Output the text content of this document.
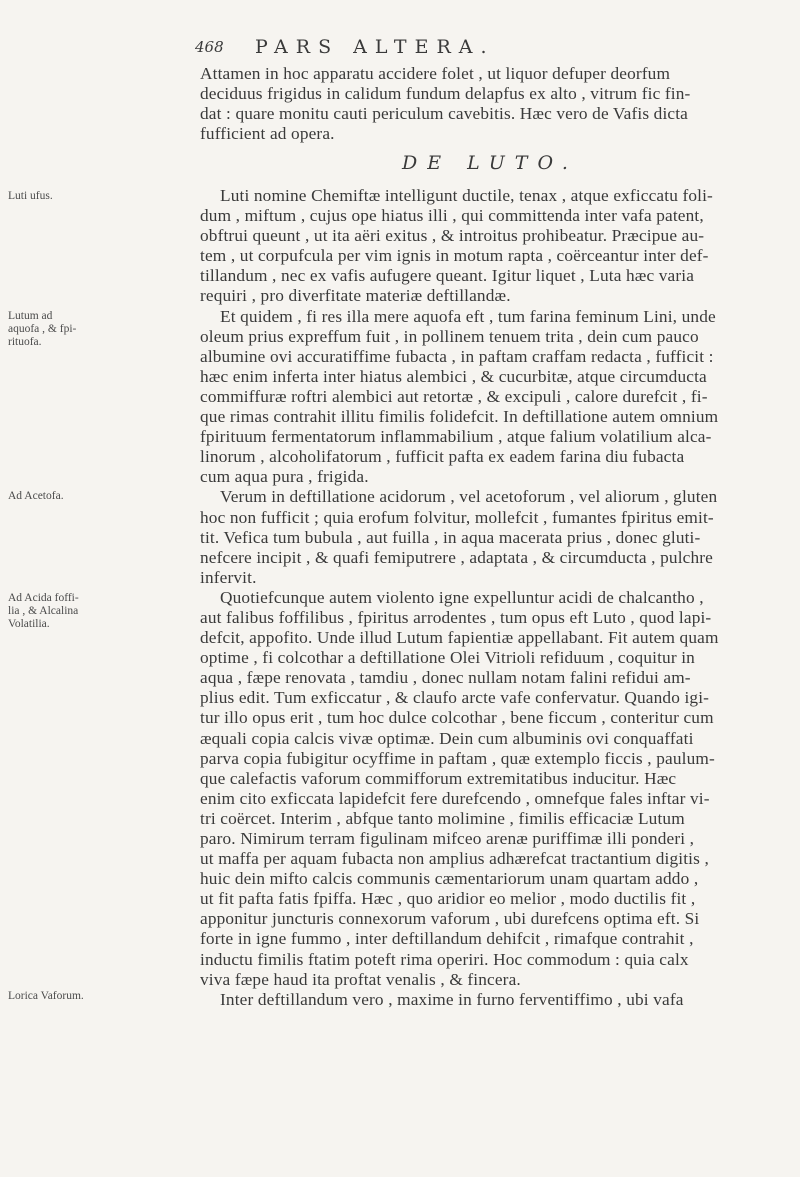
468 PARS ALTERA.
Attamen in hoc apparatu accidere folet , ut liquor defuper deorfum
deciduus frigidus in calidum fundum delapfus ex alto , vitrum fic fin-
dat : quare monitu cauti periculum cavebitis. Hæc vero de Vafis dicta
fufficient ad opera.
DE LUTO.
Luti nomine Chemiftæ intelligunt ductile, tenax , atque exficcatu foli-
dum , miftum , cujus ope hiatus illi , qui committenda inter vafa patent,
obftrui queunt , ut ita aëri exitus , & introitus prohibeatur. Præcipue au-
tem , ut corpufcula per vim ignis in motum rapta , coërceantur inter def-
tillandum , nec ex vafis aufugere queant. Igitur liquet , Luta hæc varia
requiri , pro diverfitate materiæ deftillandæ.
Et quidem , fi res illa mere aquofa eft , tum farina feminum Lini, unde
oleum prius expreffum fuit , in pollinem tenuem trita , dein cum pauco
albumine ovi accuratiffime fubacta , in paftam craffam redacta , fufficit :
hæc enim inferta inter hiatus alembici , & cucurbitæ, atque circumducta
commiffuræ roftri alembici aut retortæ , & excipuli , calore durefcit , fi-
que rimas contrahit illitu fimilis folidefcit. In deftillatione autem omnium
fpirituum fermentatorum inflammabilium , atque falium volatilium alca-
linorum , alcoholifatorum , fufficit pafta ex eadem farina diu fubacta
cum aqua pura , frigida.
Verum in deftillatione acidorum , vel acetoforum , vel aliorum , gluten
hoc non fufficit ; quia erofum folvitur, mollefcit , fumantes fpiritus emit-
tit. Vefica tum bubula , aut fuilla , in aqua macerata prius , donec gluti-
nefcere incipit , & quafi femiputrere , adaptata , & circumducta , pulchre
infervit.
Quotiefcunque autem violento igne expelluntur acidi de chalcantho ,
aut falibus foffilibus , fpiritus arrodentes , tum opus eft Luto , quod lapi-
defcit, appofito. Unde illud Lutum fapientiæ appellabant. Fit autem quam
optime , fi colcothar a deftillatione Olei Vitrioli refiduum , coquitur in
aqua , fæpe renovata , tamdiu , donec nullam notam falini refidui am-
plius edit. Tum exficcatur , & claufo arcte vafe confervatur. Quando igi-
tur illo opus erit , tum hoc dulce colcothar , bene ficcum , conteritur cum
æquali copia calcis vivæ optimæ. Dein cum albuminis ovi conquaffati
parva copia fubigitur ocyffime in paftam , quæ extemplo ficcis , paulum-
que calefactis vaforum commifforum extremitatibus inducitur. Hæc
enim cito exficcata lapidefcit fere durefcendo , omnefque fales inftar vi-
tri coërcet. Interim , abfque tanto molimine , fimilis efficaciæ Lutum
paro. Nimirum terram figulinam mifceo arenæ puriffimæ illi ponderi ,
ut maffa per aquam fubacta non amplius adhærefcat tractantium digitis ,
huic dein mifto calcis communis cæmentariorum unam quartam addo ,
ut fit pafta fatis fpiffa. Hæc , quo aridior eo melior , modo ductilis fit ,
apponitur juncturis connexorum vaforum , ubi durefcens optima eft. Si
forte in igne fummo , inter deftillandum dehifcit , rimafque contrahit ,
inductu fimilis ftatim poteft rima operiri. Hoc commodum : quia calx
viva fæpe haud ita proftat venalis , & fincera.
Inter deftillandum vero , maxime in furno ferventiffimo , ubi vafa
Luti ufus.
Lutum ad
aquofa , & fpi-
rituofa.
Ad Acetofa.
Ad Acida foffi-
lia , & Alcalina
Volatilia.
Lorica Vaforum.
